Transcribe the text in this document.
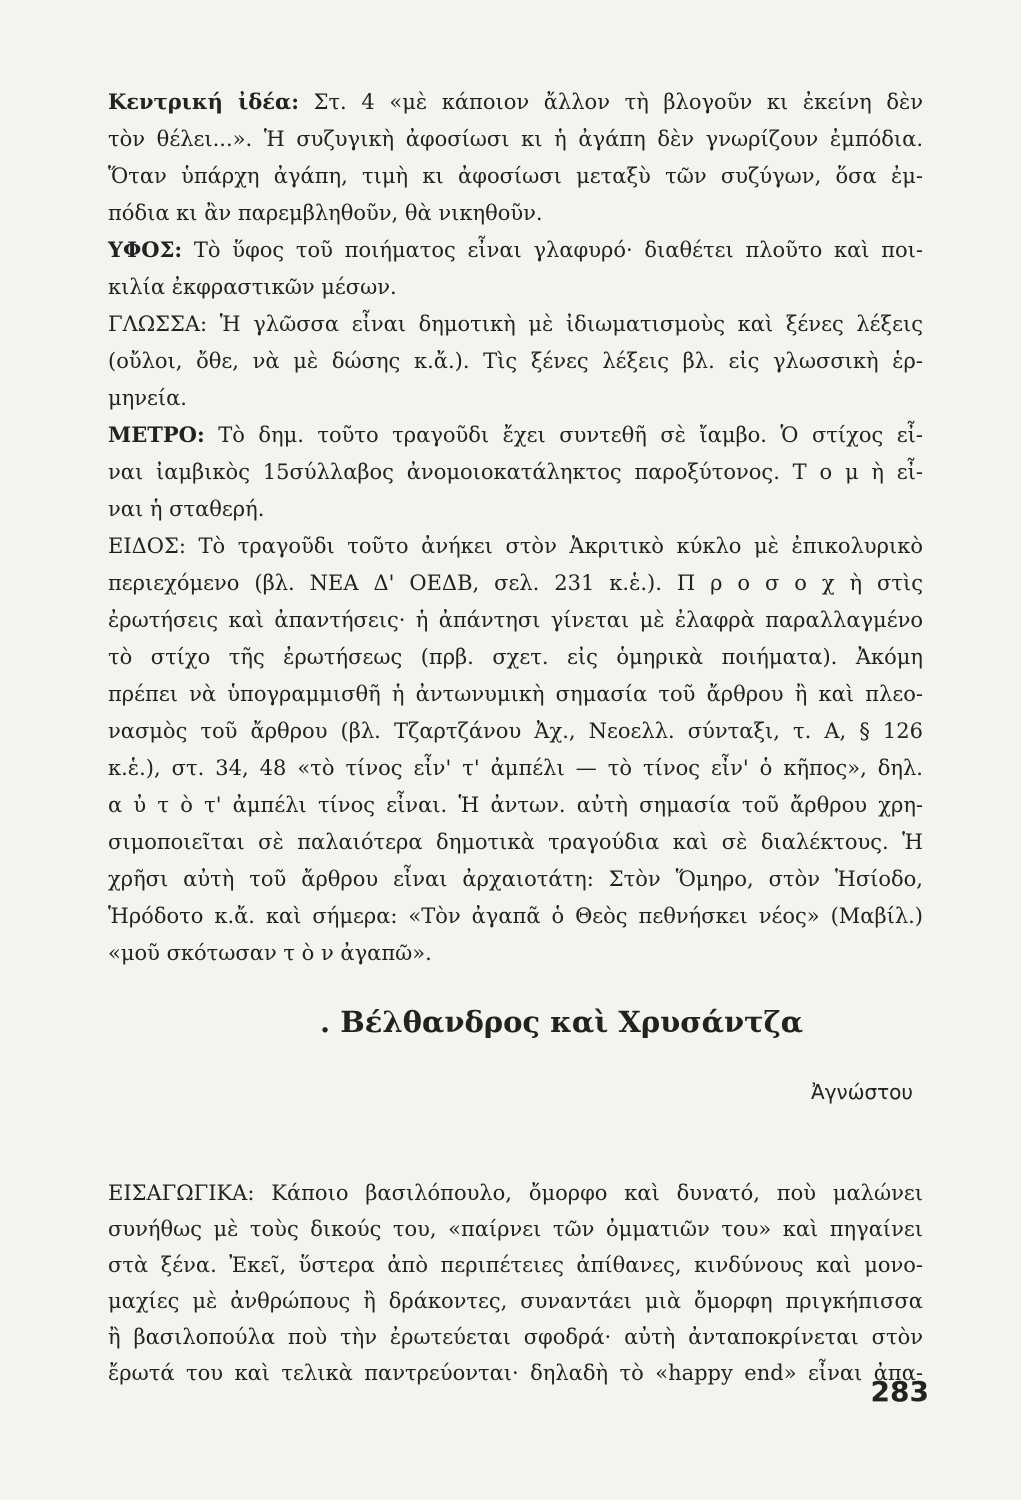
Κεντρική ἰδέα: Στ. 4 «μὲ κάποιον ἄλλον τὴ βλογοῦν κι ἐκείνη δὲν
τὸν θέλει...». Ἡ συζυγικὴ ἀφοσίωσι κι ἡ ἀγάπη δὲν γνωρίζουν ἐμπόδια.
Ὅταν ὑπάρχη ἀγάπη, τιμὴ κι ἀφοσίωσι μεταξὺ τῶν συζύγων, ὅσα ἐμ-
πόδια κι ἂν παρεμβληθοῦν, θὰ νικηθοῦν.
ΥΦΟΣ: Τὸ ὕφος τοῦ ποιήματος εἶναι γλαφυρό· διαθέτει πλοῦτο καὶ ποι-
κιλία ἐκφραστικῶν μέσων.
ΓΛΩΣΣΑ: Ἡ γλῶσσα εἶναι δημοτικὴ μὲ ἰδιωματισμοὺς καὶ ξένες λέξεις
(οὔλοι, ὄθε, νὰ μὲ δώσης κ.ἄ.). Τὶς ξένες λέξεις βλ. εἰς γλωσσικὴ ἑρ-
μηνεία.
ΜΕΤΡΟ: Τὸ δημ. τοῦτο τραγοῦδι ἔχει συντεθῆ σὲ ἴαμβο. Ὁ στίχος εἶ-
ναι ἰαμβικὸς 15σύλλαβος ἀνομοιοκατάληκτος παροξύτονος. Τ ο μ ὴ εἶ-
ναι ἡ σταθερή.
ΕΙΔΟΣ: Τὸ τραγοῦδι τοῦτο ἀνήκει στὸν Ἀκριτικὸ κύκλο μὲ ἐπικολυρικὸ
περιεχόμενο (βλ. ΝΕΑ Δ' ΟΕΔΒ, σελ. 231 κ.ἑ.). Π ρ ο σ ο χ ὴ στὶς
ἐρωτήσεις καὶ ἀπαντήσεις· ἡ ἀπάντησι γίνεται μὲ ἐλαφρὰ παραλλαγμένο
τὸ στίχο τῆς ἐρωτήσεως (πρβ. σχετ. εἰς ὁμηρικὰ ποιήματα). Ἀκόμη
πρέπει νὰ ὑπογραμμισθῆ ἡ ἀντωνυμικὴ σημασία τοῦ ἄρθρου ἢ καὶ πλεο-
νασμὸς τοῦ ἄρθρου (βλ. Τζαρτζάνου Ἀχ., Νεοελλ. σύνταξι, τ. Α, § 126
κ.ἑ.), στ. 34, 48 «τὸ τίνος εἶν' τ' ἀμπέλι — τὸ τίνος εἶν' ὁ κῆπος», δηλ.
α ὐ τ ὸ τ' ἀμπέλι τίνος εἶναι. Ἡ ἀντων. αὐτὴ σημασία τοῦ ἄρθρου χρη-
σιμοποιεῖται σὲ παλαιότερα δημοτικὰ τραγούδια καὶ σὲ διαλέκτους. Ἡ
χρῆσι αὐτὴ τοῦ ἄρθρου εἶναι ἀρχαιοτάτη: Στὸν Ὅμηρο, στὸν Ἡσίοδο,
Ἡρόδοτο κ.ἄ. καὶ σήμερα: «Τὸν ἀγαπᾶ ὁ Θεὸς πεθνήσκει νέος» (Μαβίλ.)
«μοῦ σκότωσαν τ ὸ ν ἀγαπῶ».
. Βέλθανδρος καὶ Χρυσάντζα
Ἀγνώστου
ΕΙΣΑΓΩΓΙΚΑ: Κάποιο βασιλόπουλο, ὄμορφο καὶ δυνατό, ποὺ μαλώνει
συνήθως μὲ τοὺς δικούς του, «παίρνει τῶν ὀμματιῶν του» καὶ πηγαίνει
στὰ ξένα. Ἐκεῖ, ὕστερα ἀπὸ περιπέτειες ἀπίθανες, κινδύνους καὶ μονο-
μαχίες μὲ ἀνθρώπους ἢ δράκοντες, συναντάει μιὰ ὄμορφη πριγκήπισσα
ἢ βασιλοπούλα ποὺ τὴν ἐρωτεύεται σφοδρά· αὐτὴ ἀνταποκρίνεται στὸν
ἔρωτά του καὶ τελικὰ παντρεύονται· δηλαδὴ τὸ «happy end» εἶναι ἀπα-
283
